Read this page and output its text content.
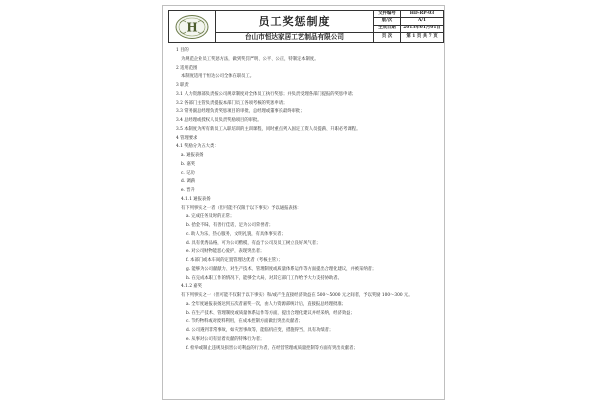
H	员工奖惩制度	文件编号	HD-RP-03
		版/次	A/1
		生效日期	2013年01月01日
	台山市恒达家居工艺制品有限公司	页 次	第 1 页 共 7 页
1 目的
为规范企业员工奖惩方法，做到奖罚严明、公平、公正，特制定本制度。
2 适用范围
本制度适用于恒达公司全体在职员工。
3 职责
3.1 人力资源部负责按公司规章制度对全体员工执行奖惩；并负责受理各部门提报的奖惩申请；
3.2 各部门主管负责提报本部门员工各项考核的奖惩申请；
3.3 常务副总经理负责奖惩项目的审批，总经理或董事长最终审批；
3.4 总经理或授权人员负责奖励项目的审批。
3.5 本制度为所有新员工入职培训的主训课程，同时重点列入固定工资人员提薪、升职必考课程。
4 管理要求
4.1 奖励分为五大类：
a. 通报表扬
b. 嘉奖
c. 记功
d. 调薪
e. 晋升
4.1.1 通报表扬
有下列事实之一者（但可能不仅限于以下事实）予以通报表扬：
a. 完成任务及时的正常；
b. 拾金不昧，有善行佳话，足为公司荣誉者；
c. 助人为乐，热心服务，文明礼貌，有具体事实者；
d. 具有优秀品格，可为公司楷模，有益于公司及员工树立良好风气者；
e. 对公司财物能恶心爱护，表现突出者；
f. 本部门或本车间的定置管理达优者（考核主管）；
g. 能够为公司献献力、对生产技术、管理制度或质量体系运作等方面提出合理化建议，并被采纳者；
h. 在完成本职工作的情况下，能够全大局，对其它部门工作给予大力支持协助者。
4.1.2 嘉奖
有下列事实之一（但可能不仅限于以下事实）和/或产生直接经济效益在 500～5000 元之间者，予以奖励 100～300 元。
a. 全年度通报表扬达到五次者嘉奖一次，由人力资源部统计后，直接报总经理批准；
b. 在生产技术、管理制度或质量体系运作等方面，提出合理化建议并经采纳，经济效益；
c. 节约物料或对废料利用，在成本控制方面做出突出贡献者；
d. 公司遇到非常事故，如灾害事故等，能临机应变，措施得当，具有功绩者；
e. 从事对公司有显着贡献的特殊行为者；
f. 检举或制止违规及损害公司利益的行为者，在经营管理或质量控制等方面有突出贡献者；
